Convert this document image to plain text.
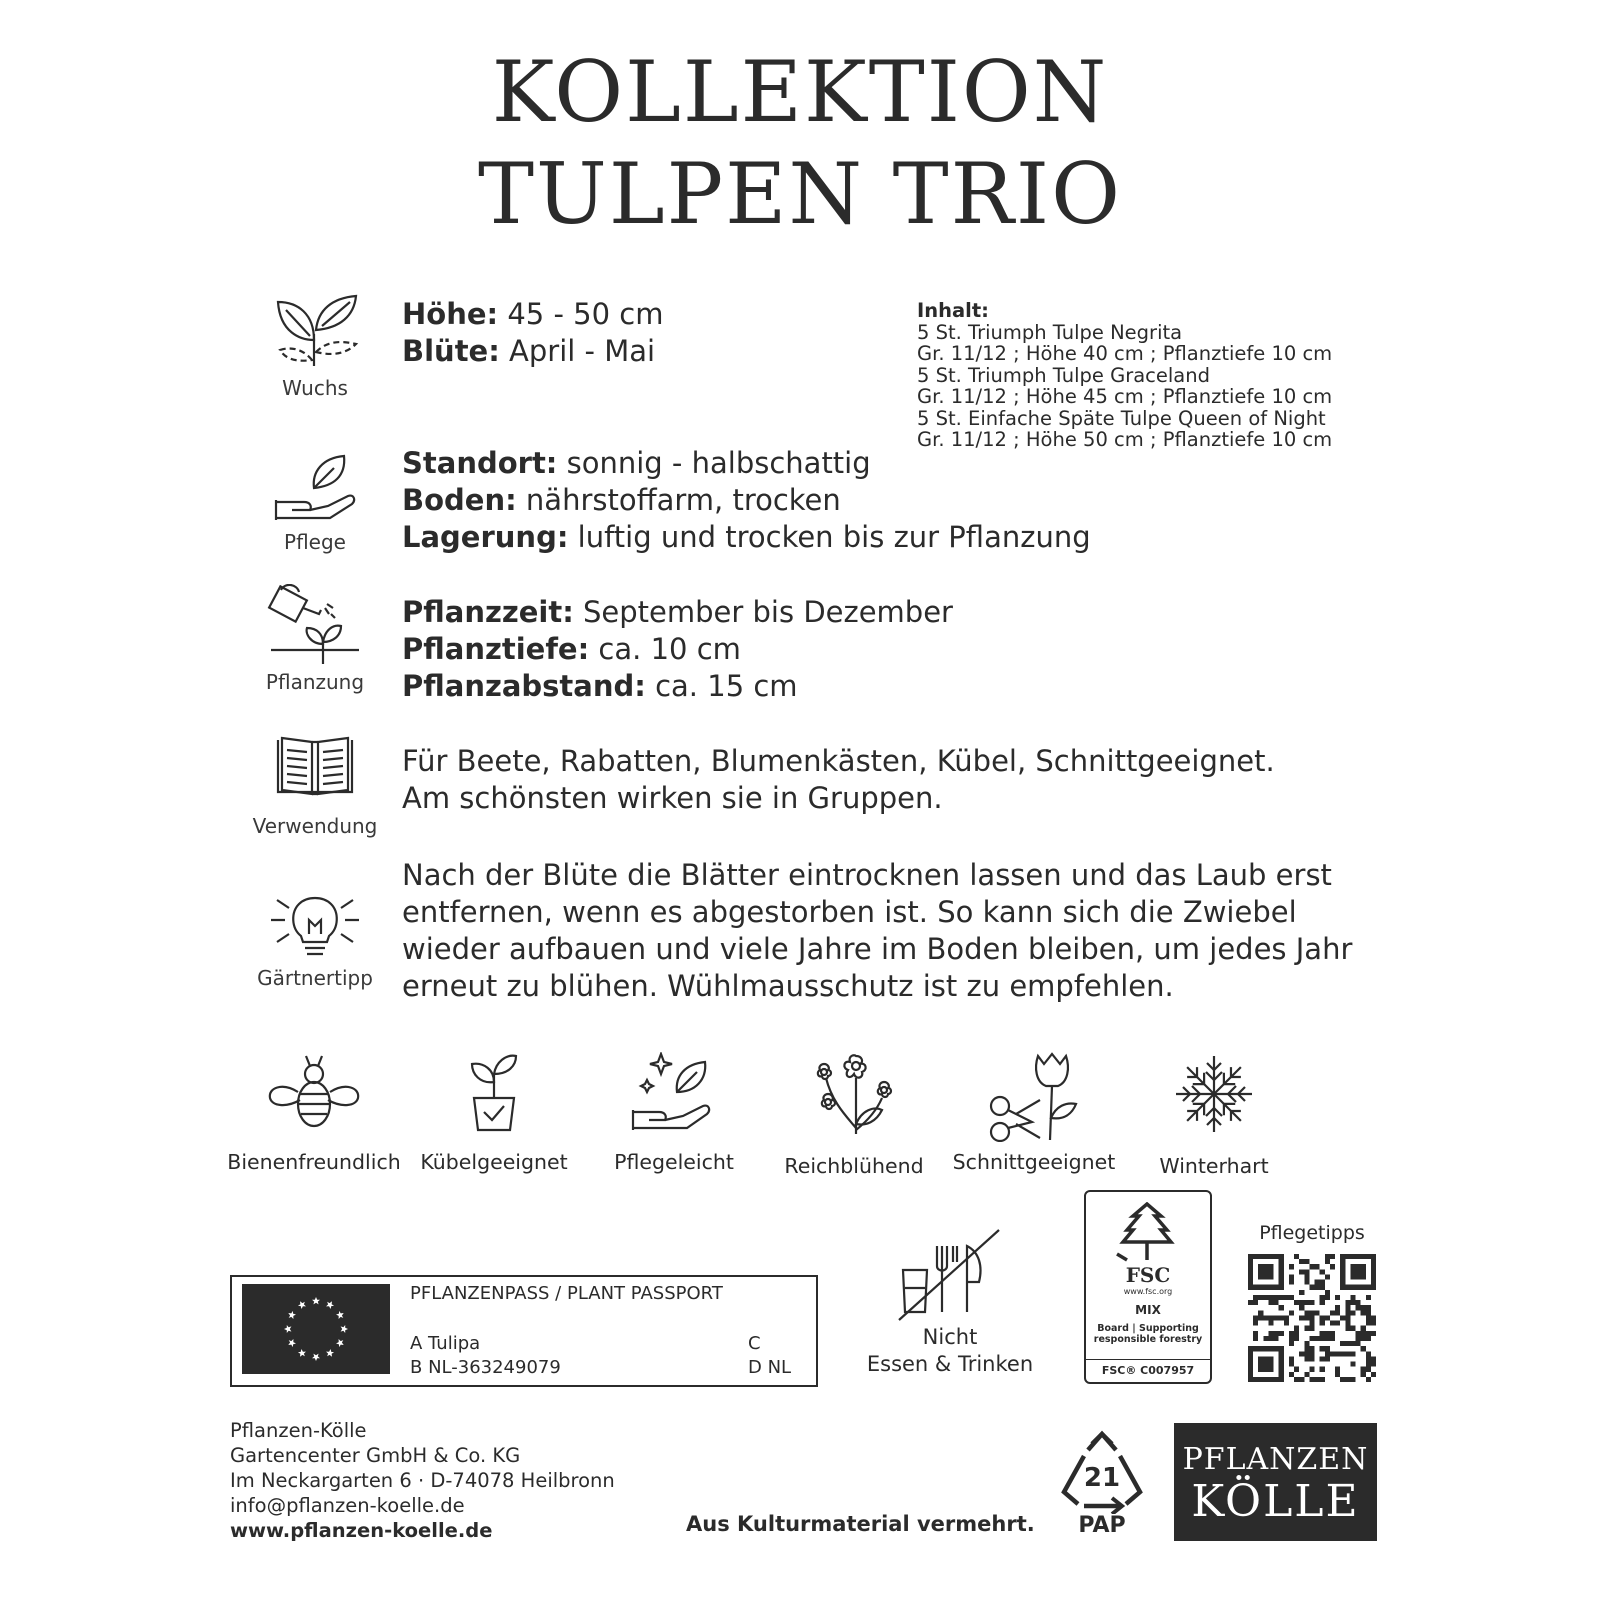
KOLLEKTION
TULPEN TRIO
Wuchs
Höhe: 45 - 50 cm
Blüte: April - Mai
Inhalt:
5 St. Triumph Tulpe Negrita
Gr. 11/12 ; Höhe 40 cm ; Pflanztiefe 10 cm
5 St. Triumph Tulpe Graceland
Gr. 11/12 ; Höhe 45 cm ; Pflanztiefe 10 cm
5 St. Einfache Späte Tulpe Queen of Night
Gr. 11/12 ; Höhe 50 cm ; Pflanztiefe 10 cm
Pflege
Standort: sonnig - halbschattig
Boden: nährstoffarm, trocken
Lagerung: luftig und trocken bis zur Pflanzung
Pflanzung
Pflanzzeit: September bis Dezember
Pflanztiefe: ca. 10 cm
Pflanzabstand: ca. 15 cm
Verwendung
Für Beete, Rabatten, Blumenkästen, Kübel, Schnittgeeignet.
Am schönsten wirken sie in Gruppen.
Gärtnertipp
Nach der Blüte die Blätter eintrocknen lassen und das Laub erst
entfernen, wenn es abgestorben ist. So kann sich die Zwiebel
wieder aufbauen und viele Jahre im Boden bleiben, um jedes Jahr
erneut zu blühen. Wühlmausschutz ist zu empfehlen.
Bienenfreundlich Kübelgeeignet	Pflegeleicht	Reichblühend	Schnittgeeignet	Winterhart
PFLANZENPASS / PLANT PASSPORT
A Tulipa
B NL-363249079
C
D NL
Nicht
Essen & Trinken
FSC
www.fsc.org
MIX
Board | Supporting
responsible forestry
FSC® C007957
Pflegetipps
Pflanzen-Kölle
Gartencenter GmbH & Co. KG
Im Neckargarten 6 · D-74078 Heilbronn
info@pflanzen-koelle.de
www.pflanzen-koelle.de	Aus Kulturmaterial vermehrt.
21
PAP
PFLANZEN
KÖLLE
